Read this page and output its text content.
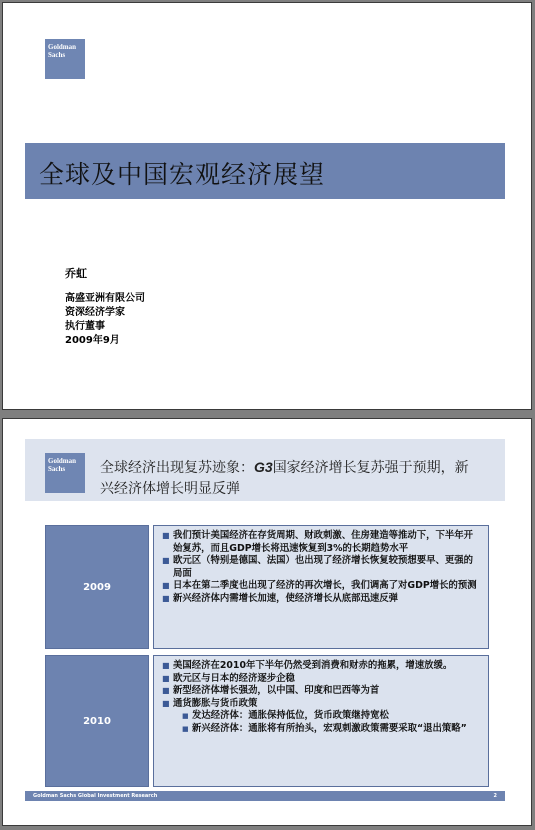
Goldman
Sachs
全球及中国宏观经济展望
乔虹
高盛亚洲有限公司
资深经济学家
执行董事
2009年9月
Goldman
Sachs	全球经济出现复苏迹象：G3国家经济增长复苏强于预期，新兴经济体增长明显反弹
2009
■ 我们预计美国经济在存货周期、财政刺激、住房建造等推动下，下半年开始复苏，而且GDP增长将迅速恢复到3%的长期趋势水平
■ 欧元区（特别是德国、法国）也出现了经济增长恢复较预想要早、更强的局面
■ 日本在第二季度也出现了经济的再次增长，我们调高了对GDP增长的预测
■ 新兴经济体内需增长加速，使经济增长从底部迅速反弹
2010
■ 美国经济在2010年下半年仍然受到消费和财赤的拖累，增速放缓。
■ 欧元区与日本的经济逐步企稳
■ 新型经济体增长强劲，以中国、印度和巴西等为首
■ 通货膨胀与货币政策
■ 发达经济体：通胀保持低位，货币政策继持宽松
■ 新兴经济体：通胀将有所抬头，宏观刺激政策需要采取“退出策略”
Goldman Sachs Global Investment Research	2
